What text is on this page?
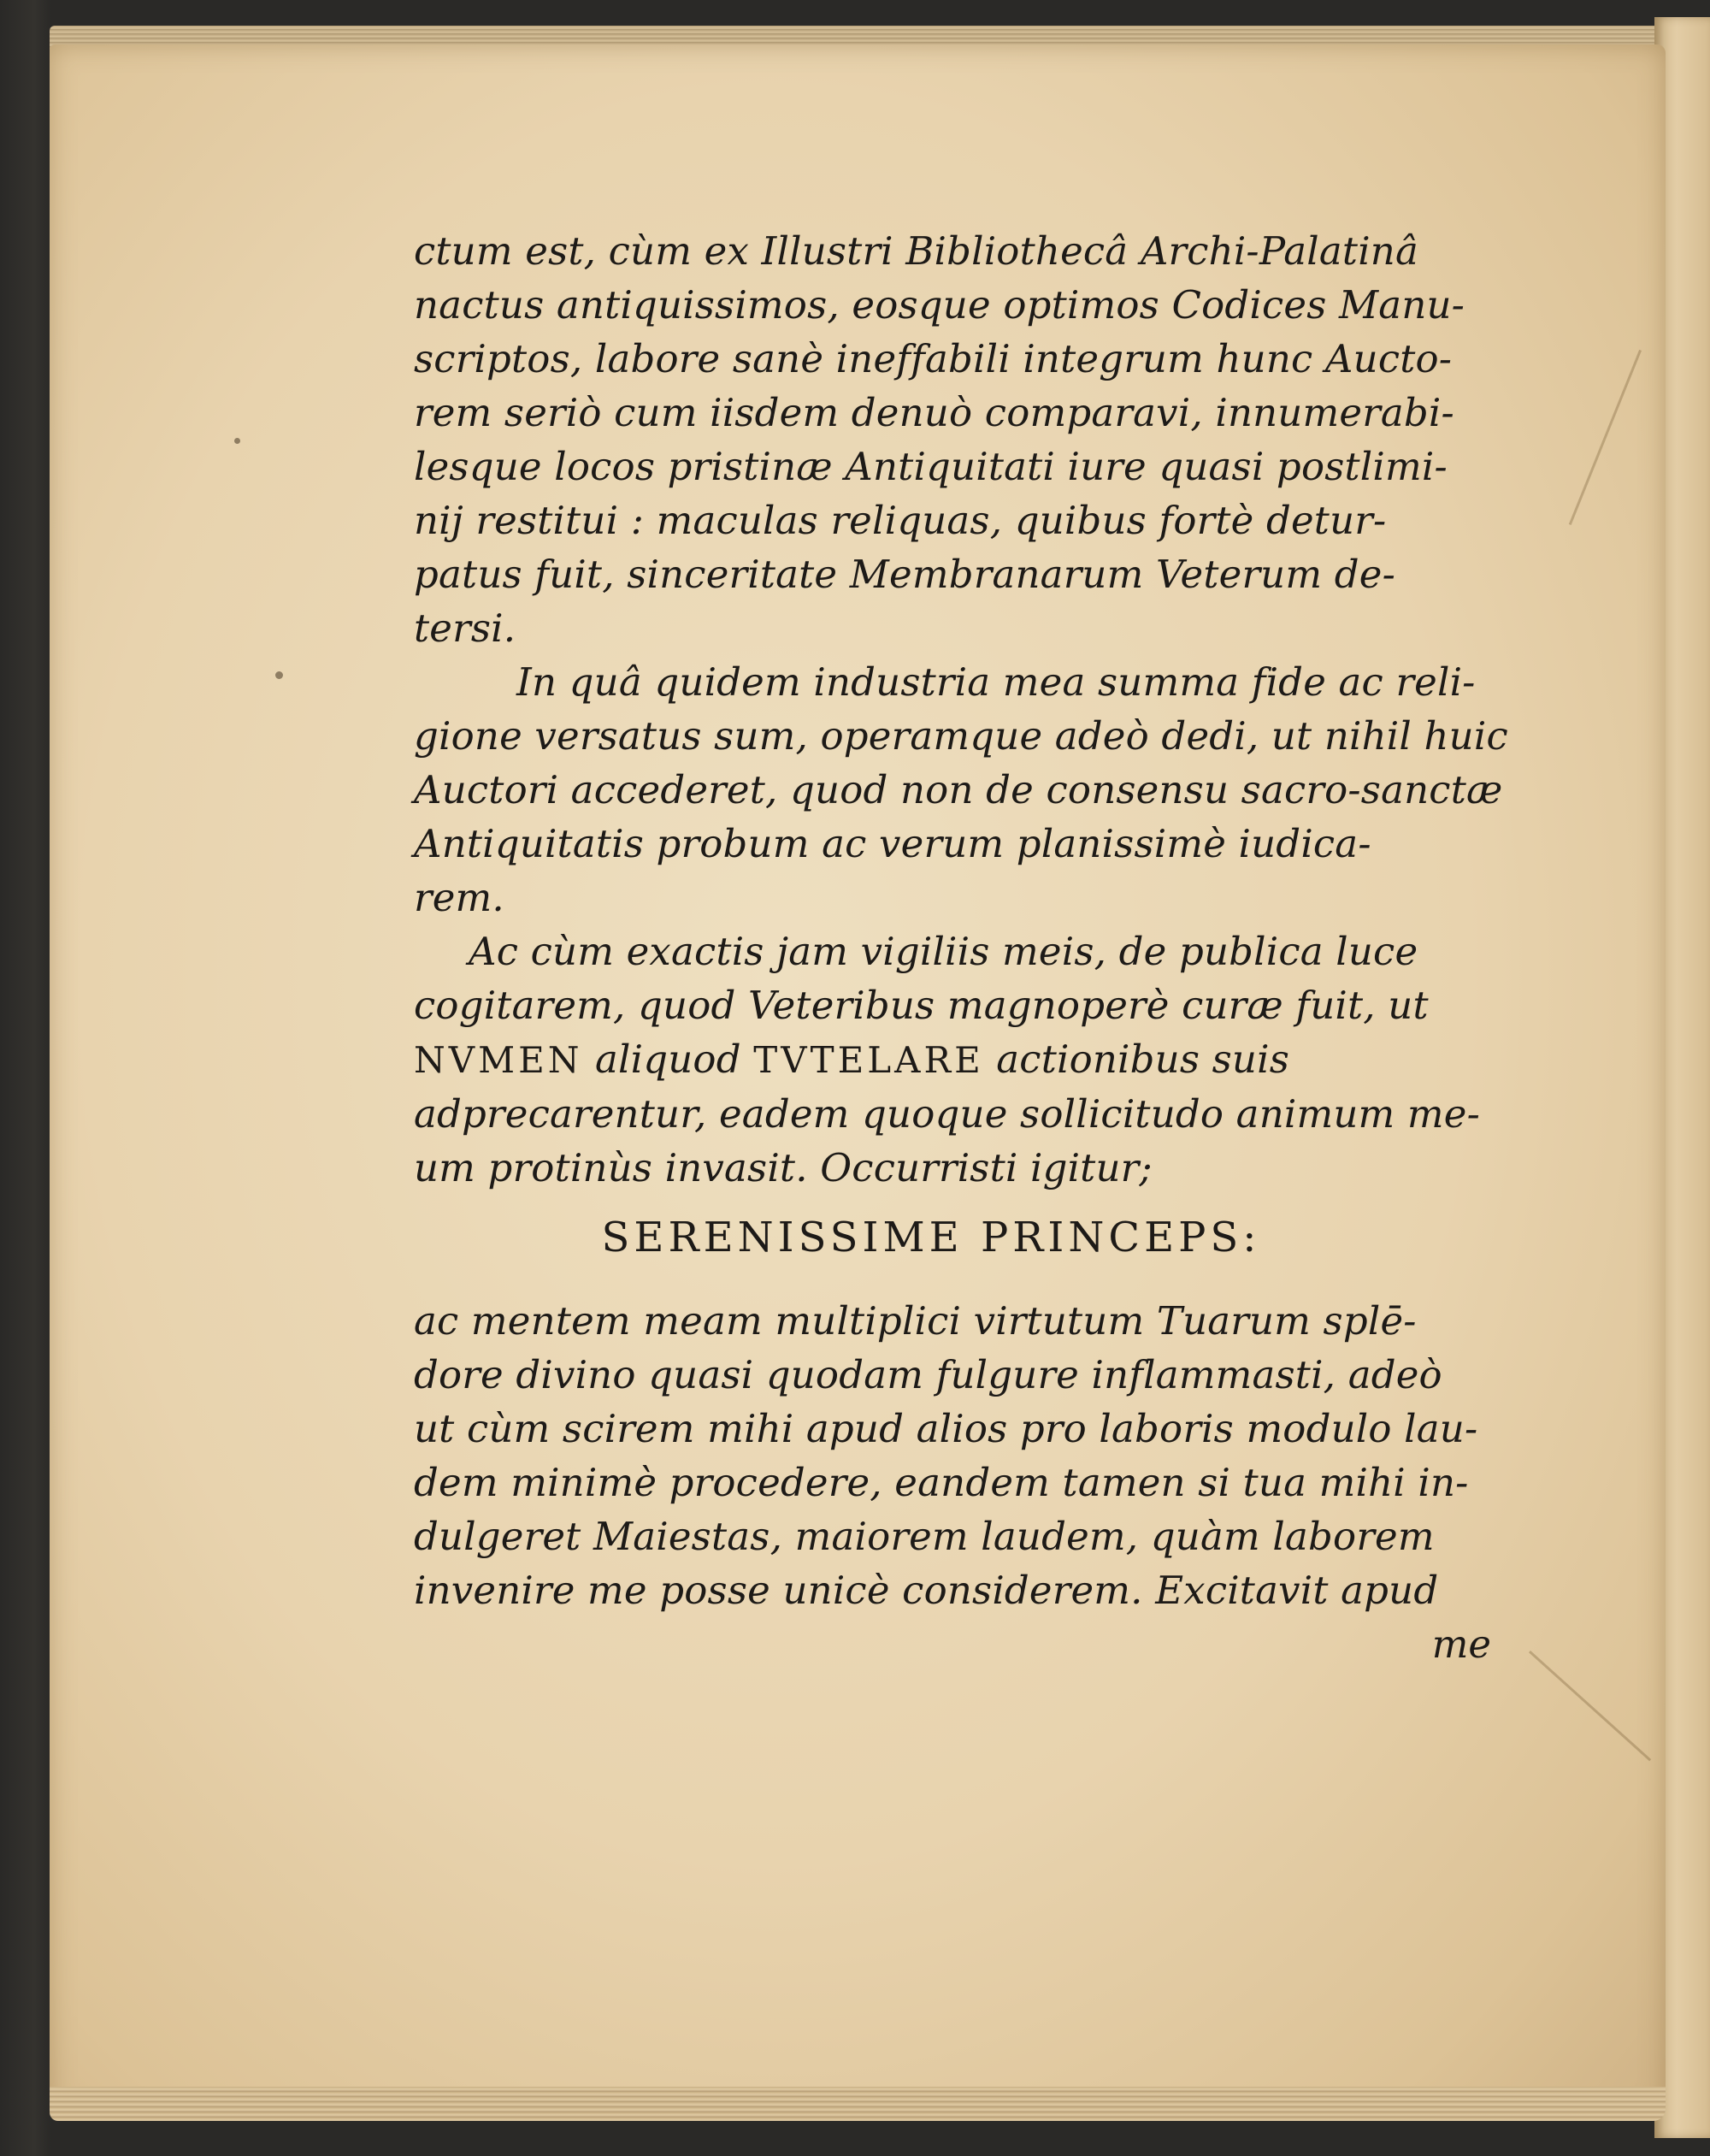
ctum est, cùm ex Illustri Bibliothecâ Archi-Palatinâ
nactus antiquissimos, eosque optimos Codices Manu-
scriptos, labore sanè ineffabili integrum hunc Aucto-
rem seriò cum iisdem denuò comparavi, innumerabi-
lesque locos pristinæ Antiquitati iure quasi postlimi-
nij restitui : maculas reliquas, quibus fortè detur-
patus fuit, sinceritate Membranarum Veterum de-
tersi.
In quâ quidem industria mea summa fide ac reli-
gione versatus sum, operamque adeò dedi, ut nihil huic
Auctori accederet, quod non de consensu sacro-sanctæ
Antiquitatis probum ac verum planissimè iudica-
rem.
Ac cùm exactis jam vigiliis meis, de publica luce
cogitarem, quod Veteribus magnoperè curæ fuit, ut
NVMEN aliquod TVTELARE actionibus suis
adprecarentur, eadem quoque sollicitudo animum me-
um protinùs invasit. Occurristi igitur;
SERENISSIME PRINCEPS:
ac mentem meam multiplici virtutum Tuarum splē-
dore divino quasi quodam fulgure inflammasti, adeò
ut cùm scirem mihi apud alios pro laboris modulo lau-
dem minimè procedere, eandem tamen si tua mihi in-
dulgeret Maiestas, maiorem laudem, quàm laborem
invenire me posse unicè considerem. Excitavit apud
me
